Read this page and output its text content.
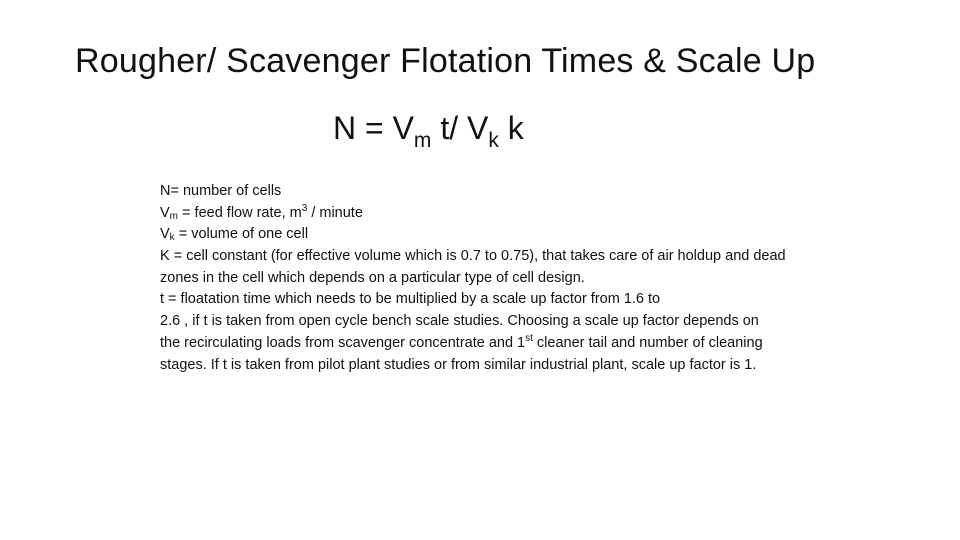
Rougher/ Scavenger Flotation Times & Scale Up
$N = V_m$ t/ $V_k$ k
N= number of cells
$V_m$ = feed flow rate, $m^3$ / minute
$V_k$ = volume of one cell
K = cell constant (for effective volume which is 0.7 to 0.75), that takes care of air holdup and dead
zones in the cell which depends on a particular type of cell design.
t = floatation time which needs to be multiplied by a scale up factor from 1.6 to
2.6 , if t is taken from open cycle bench scale studies. Choosing a scale up factor depends on
the recirculating loads from scavenger concentrate and 1st cleaner tail and number of cleaning
stages. If t is taken from pilot plant studies or from similar industrial plant, scale up factor is 1.
